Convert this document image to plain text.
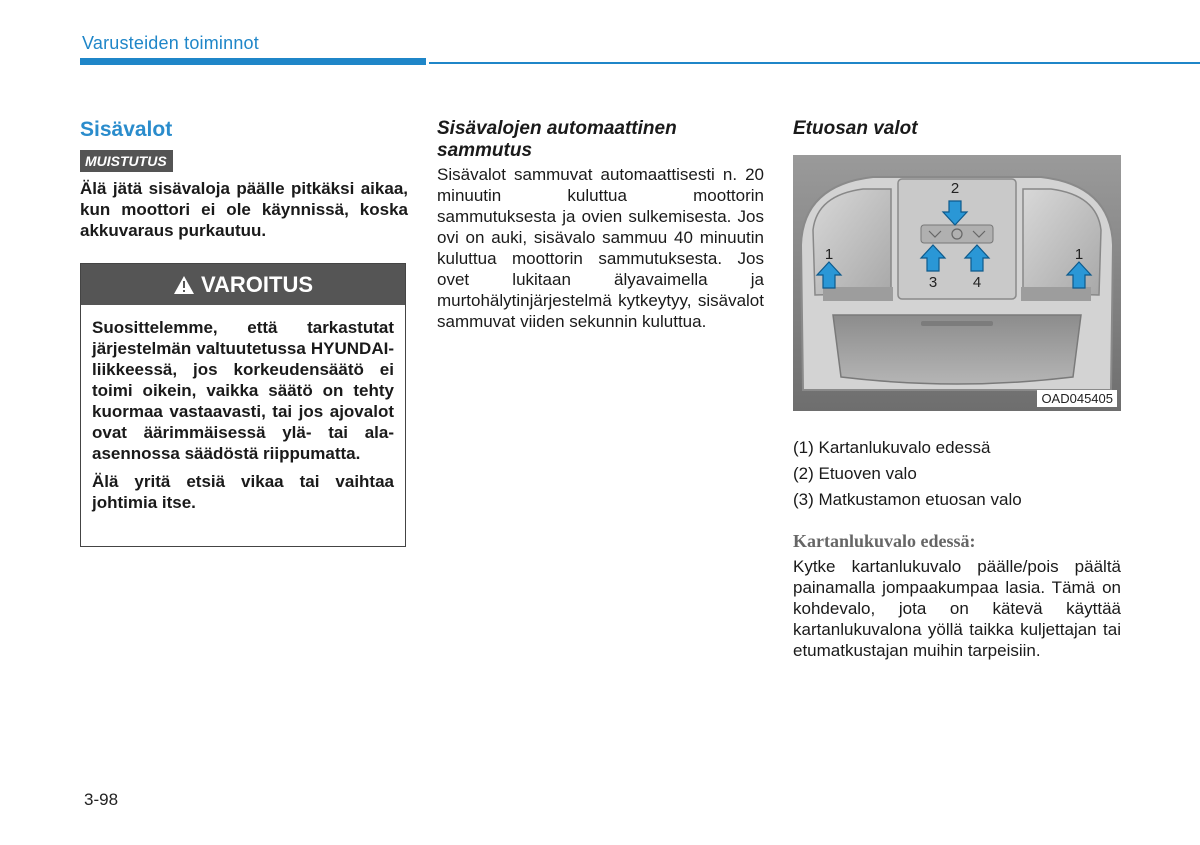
Varusteiden toiminnot
Sisävalot
MUISTUTUS

Älä jätä sisävaloja päälle pitkäksi aikaa, kun moottori ei ole käynnissä, koska akkuvaraus purkautuu.

VAROITUS

Suosittelemme, että tarkastutat järjestelmän valtuutetussa HYUNDAI-liikkeessä, jos korkeudensäätö ei toimi oikein, vaikka säätö on tehty kuormaa vastaavasti, tai jos ajovalot ovat äärimmäisessä ylä- tai ala-asennossa säädöstä riippumatta.

Älä yritä etsiä vikaa tai vaihtaa johtimia itse.

Sisävalojen automaattinen sammutus

Sisävalot sammuvat automaattisesti n. 20 minuutin kuluttua moottorin sammutuksesta ja ovien sulkemisesta. Jos ovi on auki, sisävalo sammuu 40 minuutin kuluttua moottorin sammutuksesta. Jos ovet lukitaan älyavaimella ja murtohälytinjärjestelmä kytkeytyy, sisävalot sammuvat viiden sekunnin kuluttua.

Etuosan valot
1
2
3 4
1
OAD045405

(1) Kartanlukuvalo edessä

(2) Etuoven valo

(3) Matkustamon etuosan valo

Kartanlukuvalo edessä:

Kytke kartanlukuvalo päälle/pois päältä painamalla jompaakumpaa lasia. Tämä on kohdevalo, jota on kätevä käyttää kartanlukuvalona yöllä taikka kuljettajan tai etumatkustajan muihin tarpeisiin.

3-98
